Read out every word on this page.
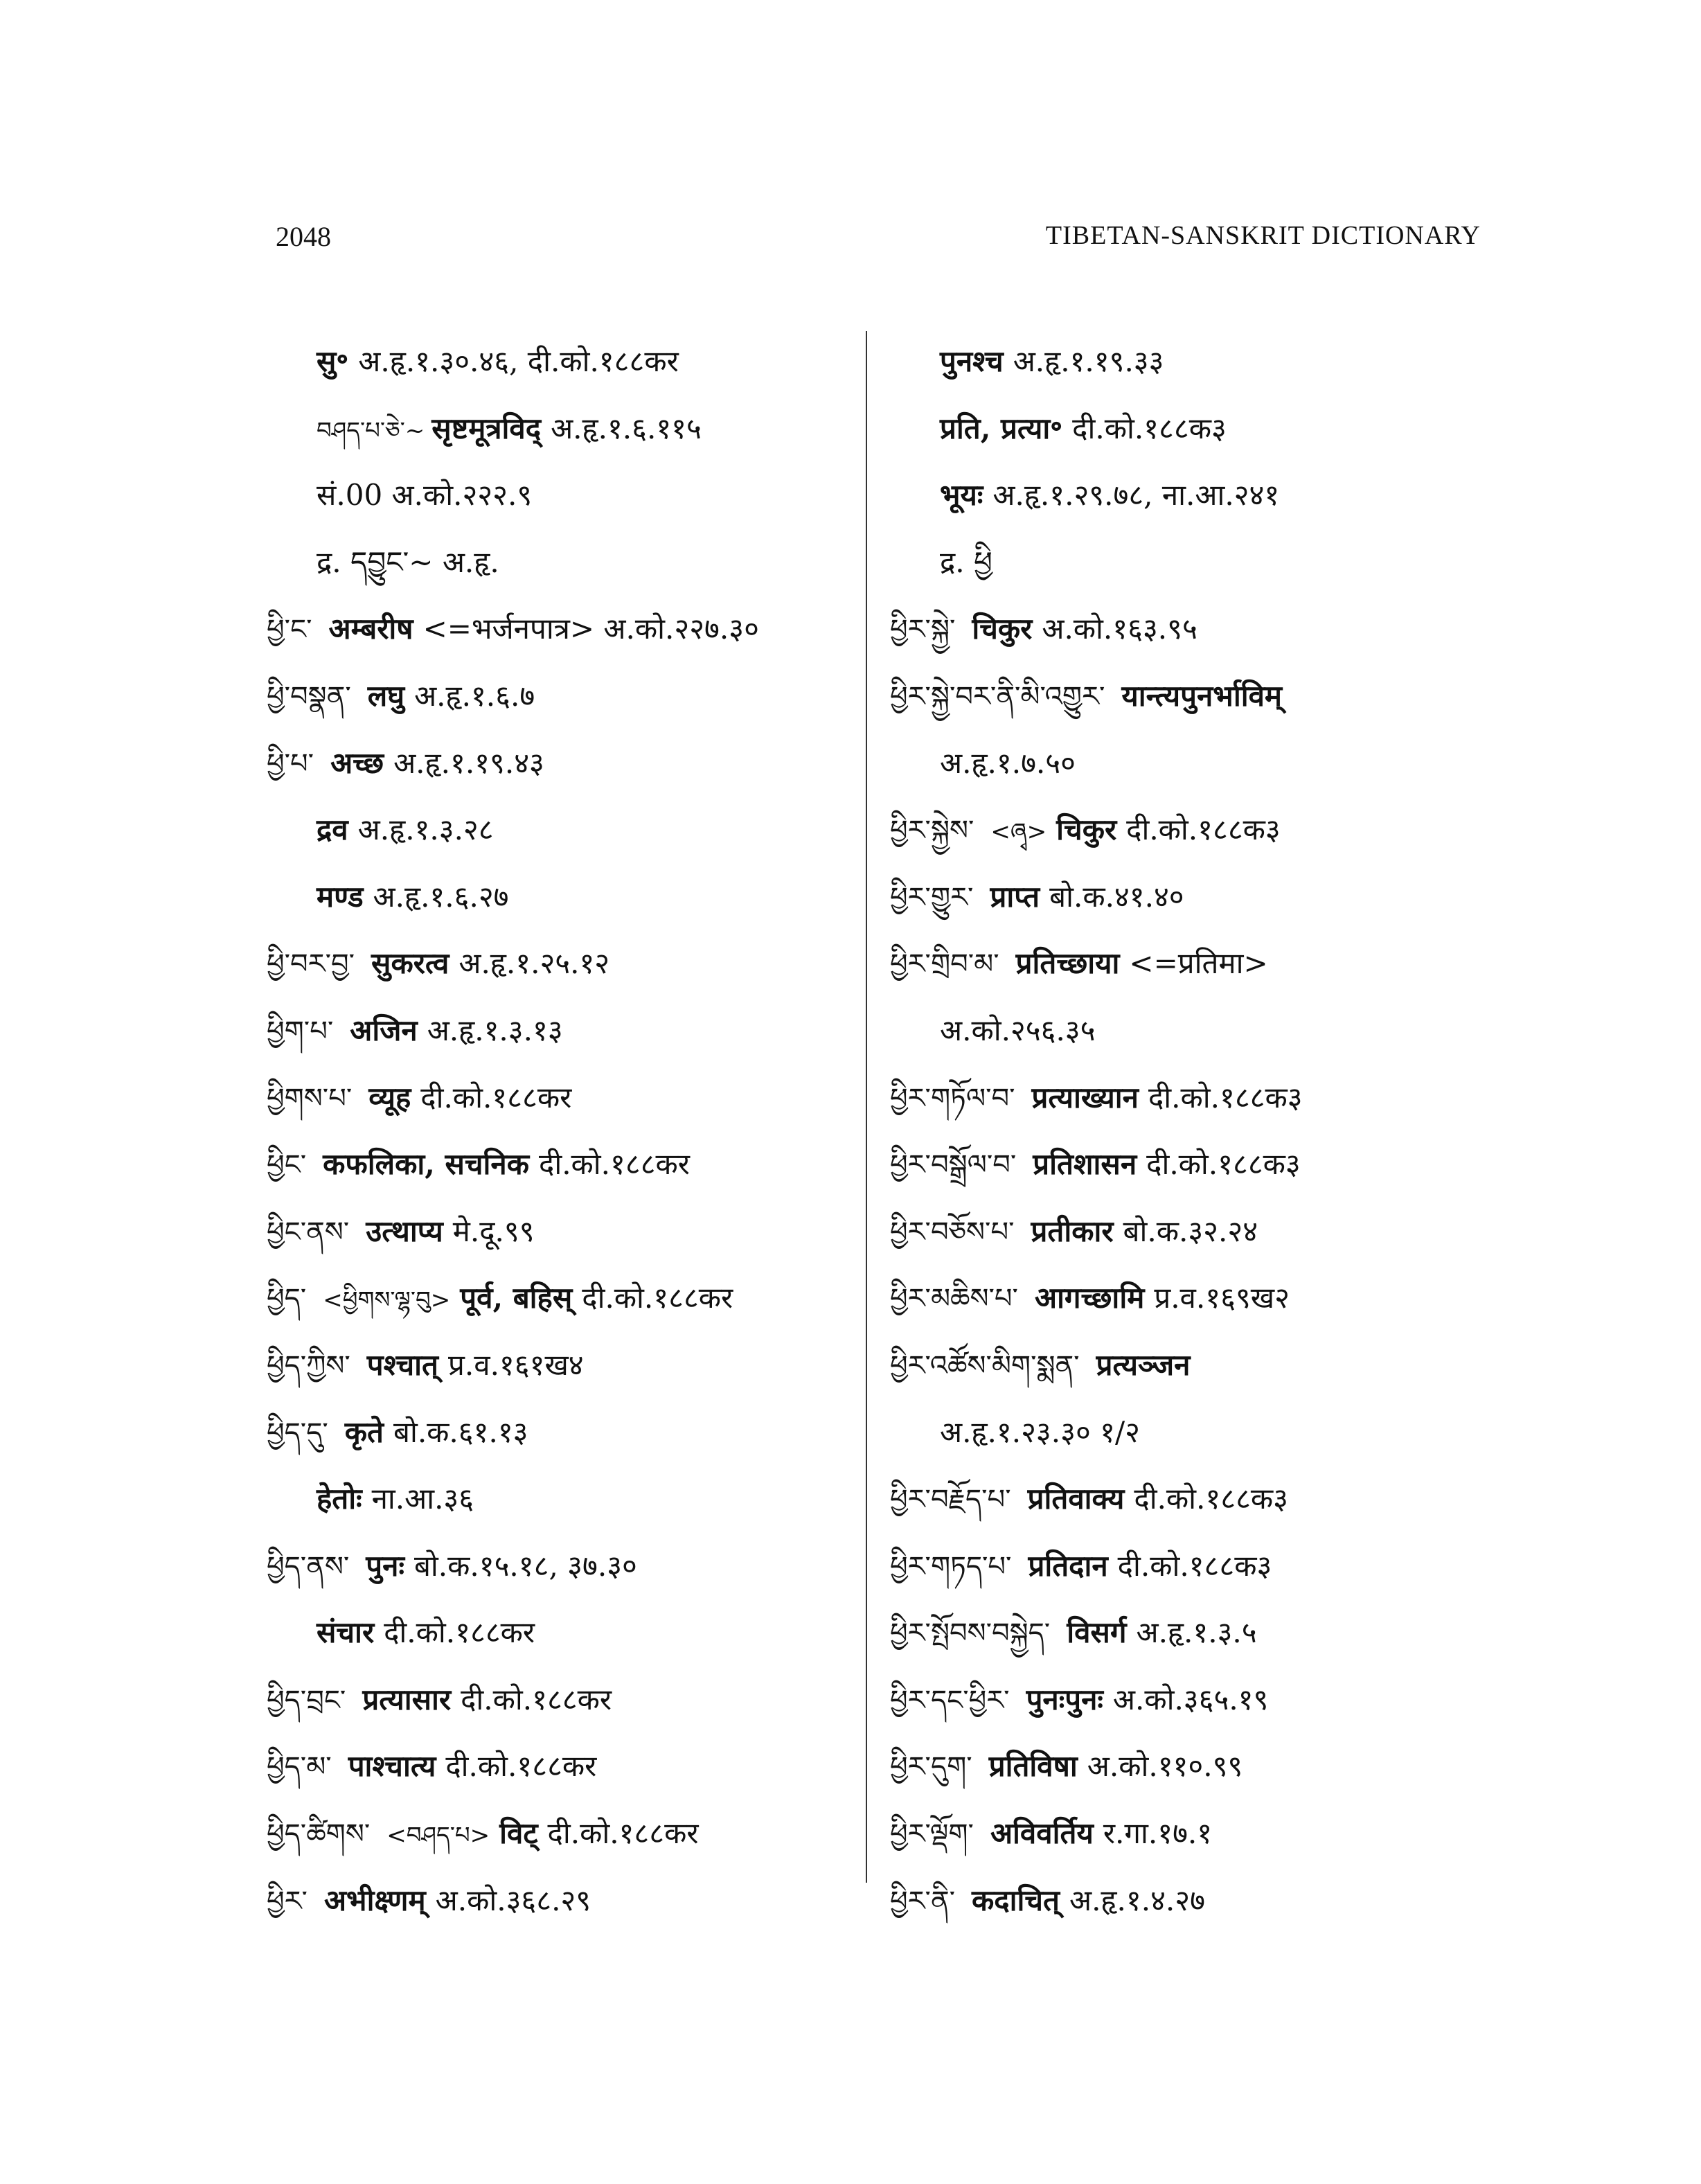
2048	TIBETAN-SANSKRIT DICTIONARY
सु॰ अ.हृ.१.३०.४६, दी.को.१८८कर
བཤད་པ་ཅེ་~ सृष्टमूत्रविद् अ.हृ.१.६.११५
सं.00 अ.को.२२२.९
द्र. དབྱུང་~ अ.हृ.
ཕྱི་ང་ अम्बरीष <=भर्जनपात्र> अ.को.२२७.३०
ཕྱི་བསྣན་ लघु अ.हृ.१.६.७
ཕྱི་པ་ अच्छ अ.हृ.१.१९.४३
द्रव अ.हृ.१.३.२८
मण्ड अ.हृ.१.६.२७
ཕྱི་བར་བྱ་ सुकरत्व अ.हृ.१.२५.१२
ཕྱིག་པ་ अजिन अ.हृ.१.३.१३
ཕྱིགས་པ་ व्यूह दी.को.१८८कर
ཕྱིང་ कफलिका, सचनिक दी.को.१८८कर
ཕྱིང་ནས་ उत्थाप्य मे.दू.९९
ཕྱིད་ <ཕྱིགས་ལྷ་བུ> पूर्व, बहिस् दी.को.१८८कर
ཕྱིད་ཀྱིས་ पश्चात् प्र.व.१६१ख४
ཕྱིད་དུ་ कृते बो.क.६१.१३
हेतोः ना.आ.३६
ཕྱིད་ནས་ पुनः बो.क.१५.१८, ३७.३०
संचार दी.को.१८८कर
ཕྱིད་བྲང་ प्रत्यासार दी.को.१८८कर
ཕྱིད་མ་ पाश्चात्य दी.को.१८८कर
ཕྱིད་ཚིགས་ <བཤད་པ> विट् दी.को.१८८कर
ཕྱིར་ अभीक्ष्णम् अ.को.३६८.२९
पुनश्च अ.हृ.१.१९.३३
प्रति, प्रत्या॰ दी.को.१८८क३
भूयः अ.हृ.१.२९.७८, ना.आ.२४१
द्र. ཕྱི
ཕྱིར་སྐྱེ་ चिकुर अ.को.१६३.९५
ཕྱིར་སྐྱེ་བར་ནི་མི་འགྱུར་ यान्त्यपुनर्भाविम्
अ.हृ.१.७.५०
ཕྱིར་སྐྱེས་ <ཞྭ> चिकुर दी.को.१८८क३
ཕྱིར་གྱུར་ प्राप्त बो.क.४१.४०
ཕྱིར་གྲིབ་མ་ प्रतिच्छाया <=प्रतिमा>
अ.को.२५६.३५
ཕྱིར་གཏོལ་བ་ प्रत्याख्यान दी.को.१८८क३
ཕྱིར་བསྒྲོལ་བ་ प्रतिशासन दी.को.१८८क३
ཕྱིར་བཅོས་པ་ प्रतीकार बो.क.३२.२४
ཕྱིར་མཆིས་པ་ आगच्छामि प्र.व.१६९ख२
ཕྱིར་འཚོས་མིག་སྨན་ प्रत्यञ्जन
अ.हृ.१.२३.३० १/२
ཕྱིར་བརྗོད་པ་ प्रतिवाक्य दी.को.१८८क३
ཕྱིར་གཏད་པ་ प्रतिदान दी.को.१८८क३
ཕྱིར་སྤོབས་བསྐྱེད་ विसर्ग अ.हृ.१.३.५
ཕྱིར་དང་ཕྱིར་ पुनःपुनः अ.को.३६५.१९
ཕྱིར་དུག་ प्रतिविषा अ.को.११०.९९
ཕྱིར་ལྡོག་ अविवर्तिय र.गा.१७.१
ཕྱིར་ནི་ कदाचित् अ.हृ.१.४.२७
